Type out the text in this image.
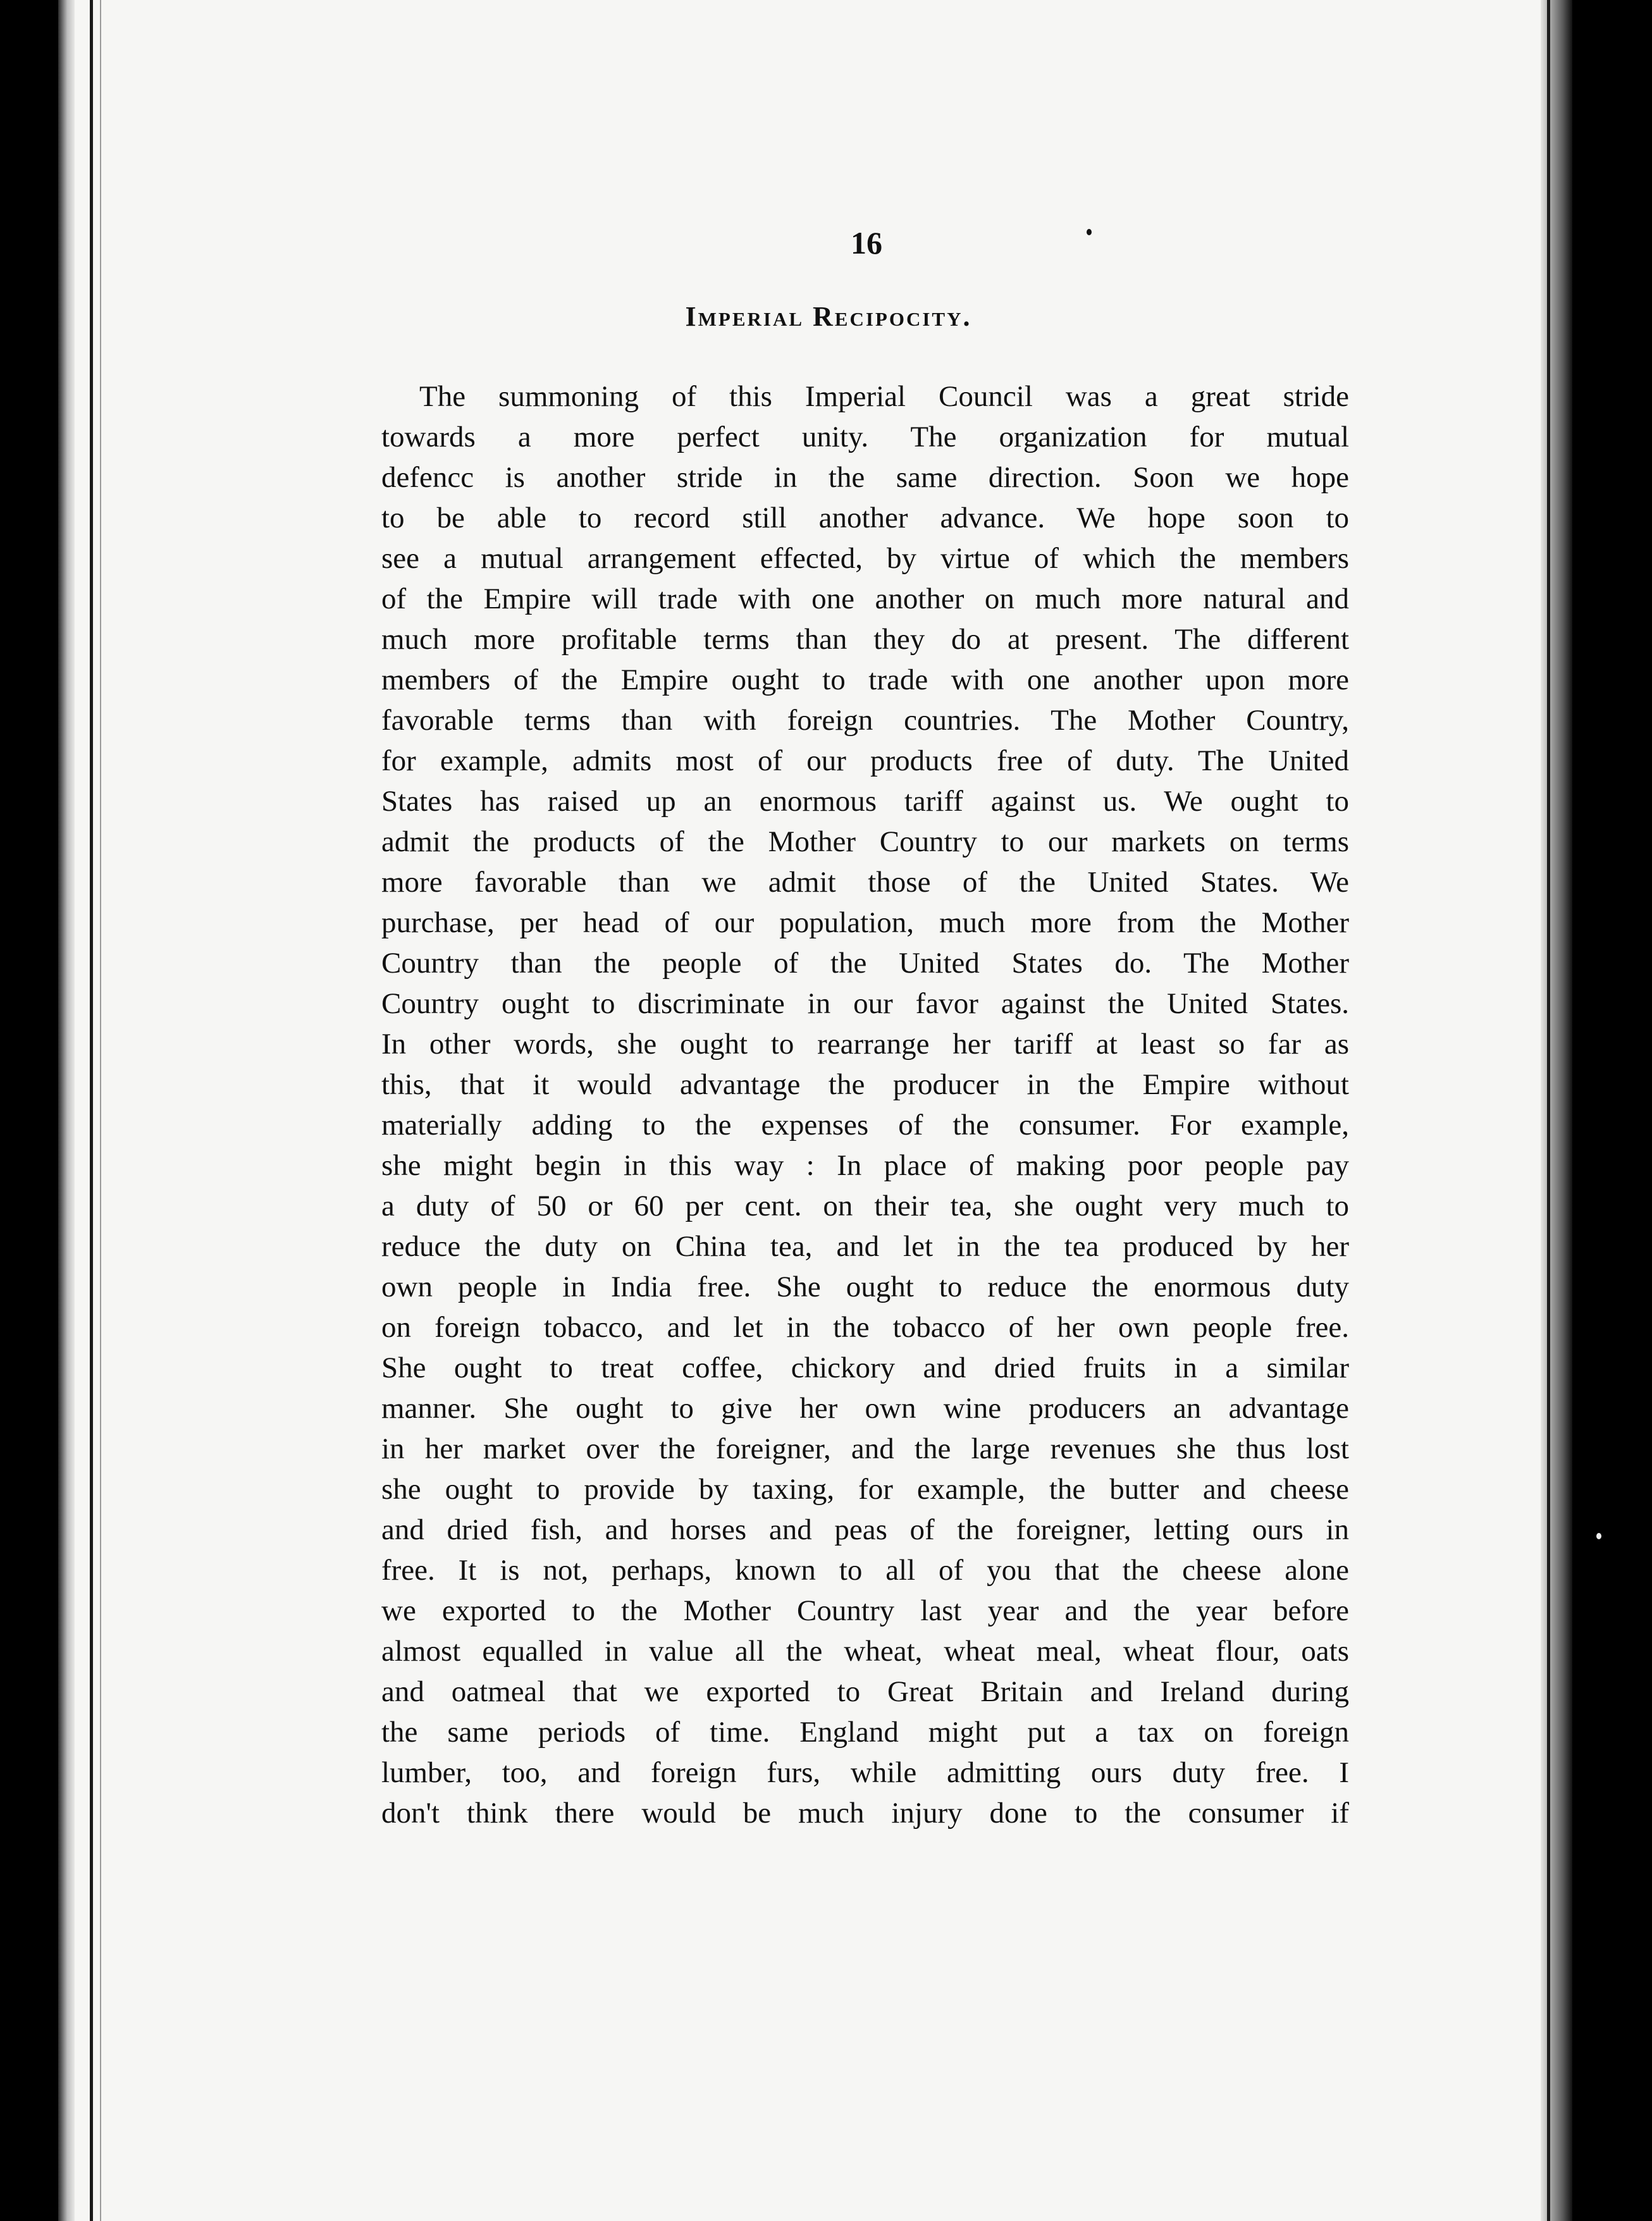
16
Imperial Recipocity.
The summoning of this Imperial Council was a great stride
towards a more perfect unity. The organization for mutual
defencc is another stride in the same direction. Soon we hope
to be able to record still another advance. We hope soon to
see a mutual arrangement effected, by virtue of which the members
of the Empire will trade with one another on much more natural and
much more profitable terms than they do at present. The different
members of the Empire ought to trade with one another upon more
favorable terms than with foreign countries. The Mother Country,
for example, admits most of our products free of duty. The United
States has raised up an enormous tariff against us. We ought to
admit the products of the Mother Country to our markets on terms
more favorable than we admit those of the United States. We
purchase, per head of our population, much more from the Mother
Country than the people of the United States do. The Mother
Country ought to discriminate in our favor against the United States.
In other words, she ought to rearrange her tariff at least so far as
this, that it would advantage the producer in the Empire without
materially adding to the expenses of the consumer. For example,
she might begin in this way : In place of making poor people pay
a duty of 50 or 60 per cent. on their tea, she ought very much to
reduce the duty on China tea, and let in the tea produced by her
own people in India free. She ought to reduce the enormous duty
on foreign tobacco, and let in the tobacco of her own people free.
She ought to treat coffee, chickory and dried fruits in a similar
manner. She ought to give her own wine producers an advantage
in her market over the foreigner, and the large revenues she thus lost
she ought to provide by taxing, for example, the butter and cheese
and dried fish, and horses and peas of the foreigner, letting ours in
free. It is not, perhaps, known to all of you that the cheese alone
we exported to the Mother Country last year and the year before
almost equalled in value all the wheat, wheat meal, wheat flour, oats
and oatmeal that we exported to Great Britain and Ireland during
the same periods of time. England might put a tax on foreign
lumber, too, and foreign furs, while admitting ours duty free. I
don't think there would be much injury done to the consumer if
